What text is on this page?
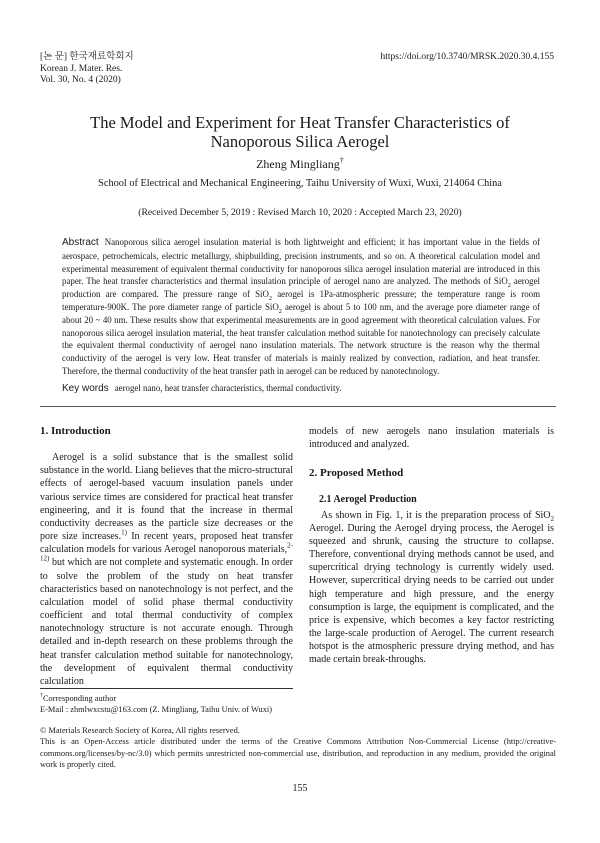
[논 문] 한국재료학회지
Korean J. Mater. Res.
Vol. 30, No. 4 (2020)
https://doi.org/10.3740/MRSK.2020.30.4.155
The Model and Experiment for Heat Transfer Characteristics of
Nanoporous Silica Aerogel
Zheng Mingliang†
School of Electrical and Mechanical Engineering, Taihu University of Wuxi, Wuxi, 214064 China
(Received December 5, 2019 : Revised March 10, 2020 : Accepted March 23, 2020)
Abstract Nanoporous silica aerogel insulation material is both lightweight and efficient; it has important value in the fields of aerospace, petrochemicals, electric metallurgy, shipbuilding, precision instruments, and so on. A theoretical calculation model and experimental measurement of equivalent thermal conductivity for nanoporous silica aerogel insulation material are introduced in this paper. The heat transfer characteristics and thermal insulation principle of aerogel nano are analyzed. The methods of SiO$_2$ aerogel production are compared. The pressure range of SiO$_2$ aerogel is 1Pa-atmospheric pressure; the temperature range is room temperature-900K. The pore diameter range of particle SiO$_2$ aerogel is about 5 to 100 nm, and the average pore diameter range of about 20 ~ 40 nm. These results show that experimental measurements are in good agreement with theoretical calculation values. For nanoporous silica aerogel insulation material, the heat transfer calculation method suitable for nanotechnology can precisely calculate the equivalent thermal conductivity of aerogel nano insulation materials. The network structure is the reason why the thermal conductivity of the aerogel is very low. Heat transfer of materials is mainly realized by convection, radiation, and heat transfer. Therefore, the thermal conductivity of the heat transfer path in aerogel can be reduced by nanotechnology.
Key words aerogel nano, heat transfer characteristics, thermal conductivity.
1. Introduction

Aerogel is a solid substance that is the smallest solid substance in the world. Liang believes that the micro-structural effects of aerogel-based vacuum insulation panels under various service times are considered for practical heat transfer engineering, and it is found that the increase in thermal conductivity decreases as the particle size decreases or the pore size increases.$^{1)}$ In recent years, proposed heat transfer calculation models for various Aerogel nanoporous materials,$^{2-12)}$ but which are not complete and systematic enough. In order to solve the problem of the study on heat transfer characteristics based on nanotechnology is not perfect, and the calculation model of solid phase thermal conductivity coefficient and total thermal conductivity of complex nanotechnology structure is not accurate enough. Through detailed and in-depth research on these problems through the heat transfer calculation method suitable for nanotechnology, the development of equivalent thermal conductivity calculation

models of new aerogels nano insulation materials is introduced and analyzed.

2. Proposed Method
2.1 Aerogel Production

As shown in Fig. 1, it is the preparation process of SiO$_2$ Aerogel. During the Aerogel drying process, the Aerogel is squeezed and shrunk, causing the structure to collapse. Therefore, conventional drying methods cannot be used, and supercritical drying technology is currently widely used. However, supercritical drying needs to be carried out under high temperature and high pressure, and the energy consumption is large, the equipment is complicated, and the price is expensive, which becomes a key factor restricting the large-scale production of Aerogel. The current research hotspot is the atmospheric pressure drying method, and has made certain break-throughs.

†Corresponding author
E-Mail : zhmlwxcstu@163.com (Z. Mingliang, Taihu Univ. of Wuxi)
© Materials Research Society of Korea, All rights reserved.
This is an Open-Access article distributed under the terms of the Creative Commons Attribution Non-Commercial License (http://creative-commons.org/licenses/by-nc/3.0) which permits unrestricted non-commercial use, distribution, and reproduction in any medium, provided the original work is properly cited.
155
